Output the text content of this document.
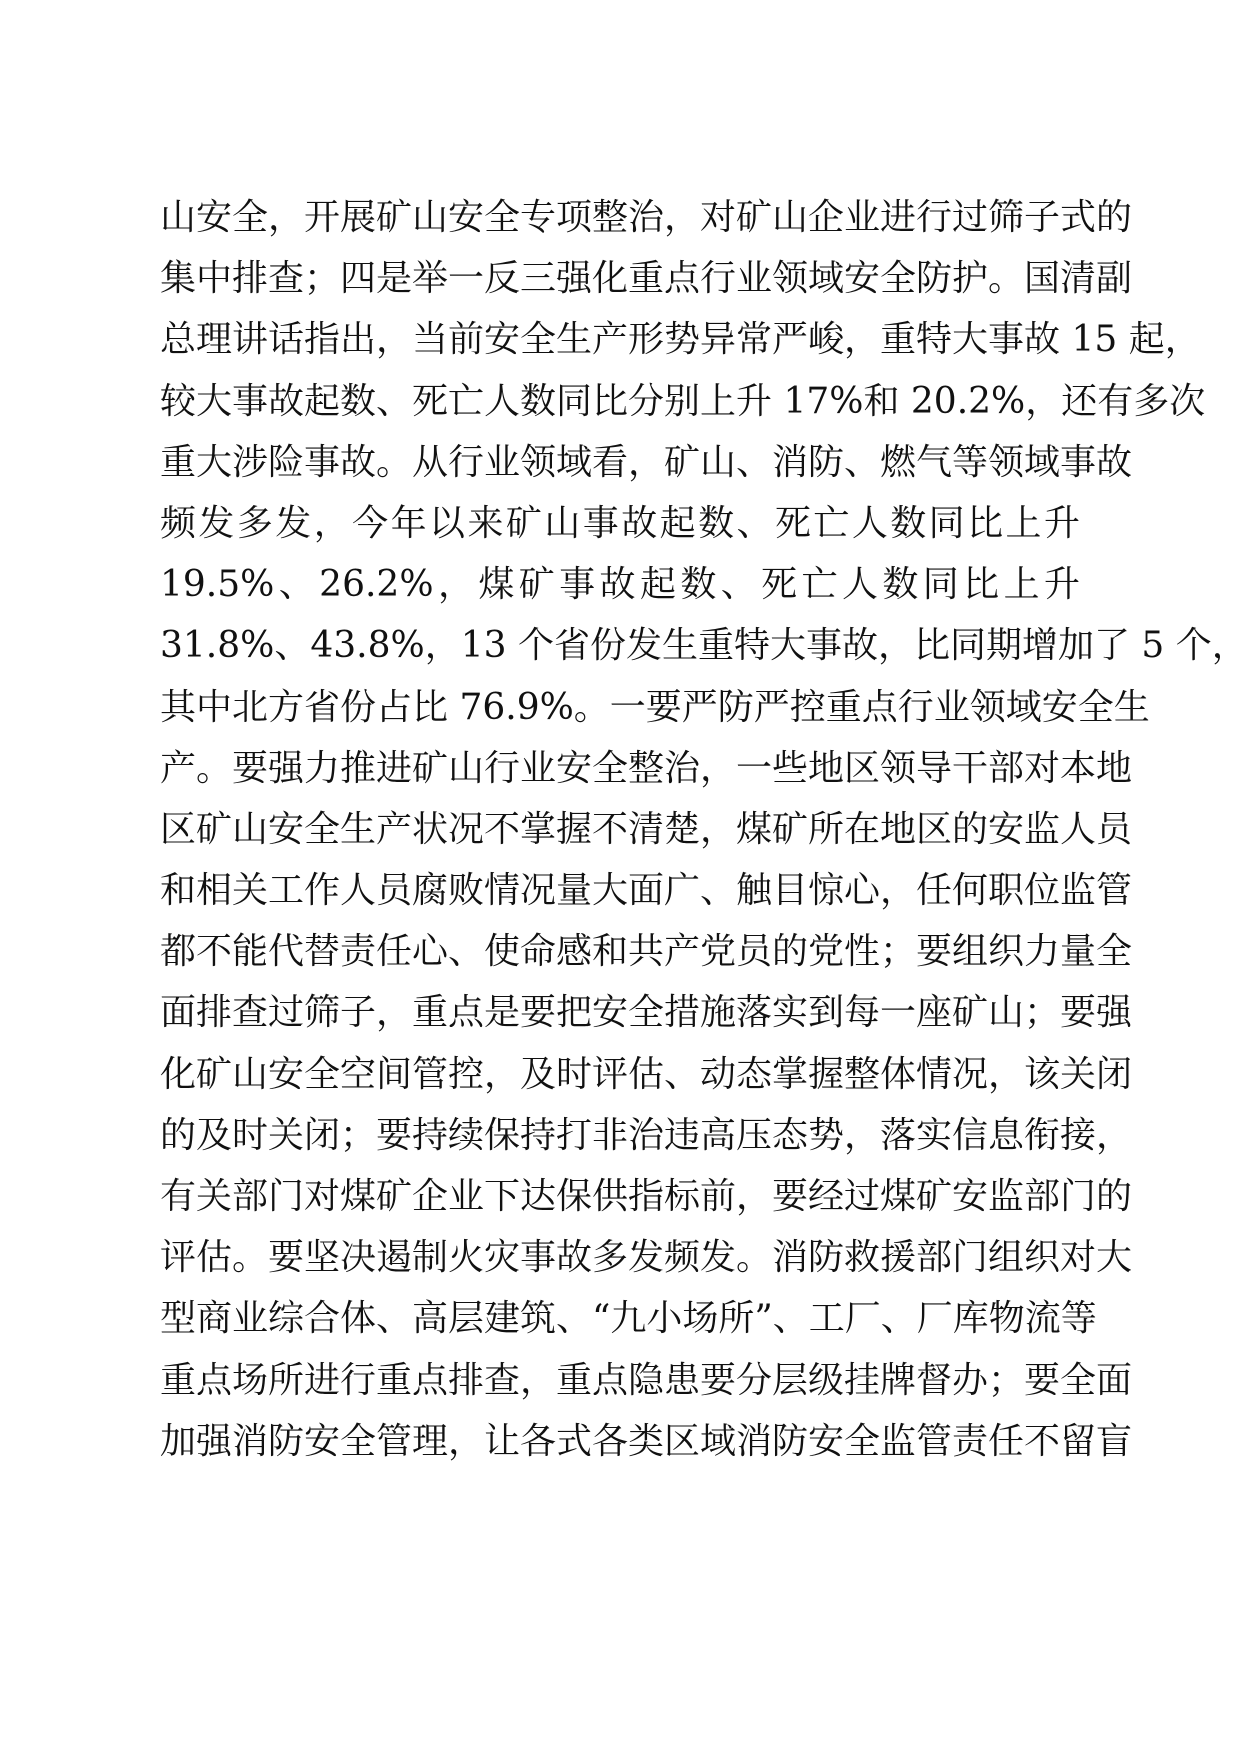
山安全，开展矿山安全专项整治，对矿山企业进行过筛子式的
集中排查；四是举一反三强化重点行业领域安全防护。国清副
总理讲话指出，当前安全生产形势异常严峻，重特大事故 15 起，
较大事故起数、死亡人数同比分别上升 17%和 20.2%，还有多次
重大涉险事故。从行业领域看，矿山、消防、燃气等领域事故
频发多发，今年以来矿山事故起数、死亡人数同比上升
19.5%、26.2%，煤矿事故起数、死亡人数同比上升
31.8%、43.8%，13 个省份发生重特大事故，比同期增加了 5 个，
其中北方省份占比 76.9%。一要严防严控重点行业领域安全生
产。要强力推进矿山行业安全整治，一些地区领导干部对本地
区矿山安全生产状况不掌握不清楚，煤矿所在地区的安监人员
和相关工作人员腐败情况量大面广、触目惊心，任何职位监管
都不能代替责任心、使命感和共产党员的党性；要组织力量全
面排查过筛子，重点是要把安全措施落实到每一座矿山；要强
化矿山安全空间管控，及时评估、动态掌握整体情况，该关闭
的及时关闭；要持续保持打非治违高压态势，落实信息衔接，
有关部门对煤矿企业下达保供指标前，要经过煤矿安监部门的
评估。要坚决遏制火灾事故多发频发。消防救援部门组织对大
型商业综合体、高层建筑、“九小场所”、工厂、厂库物流等
重点场所进行重点排查，重点隐患要分层级挂牌督办；要全面
加强消防安全管理，让各式各类区域消防安全监管责任不留盲
